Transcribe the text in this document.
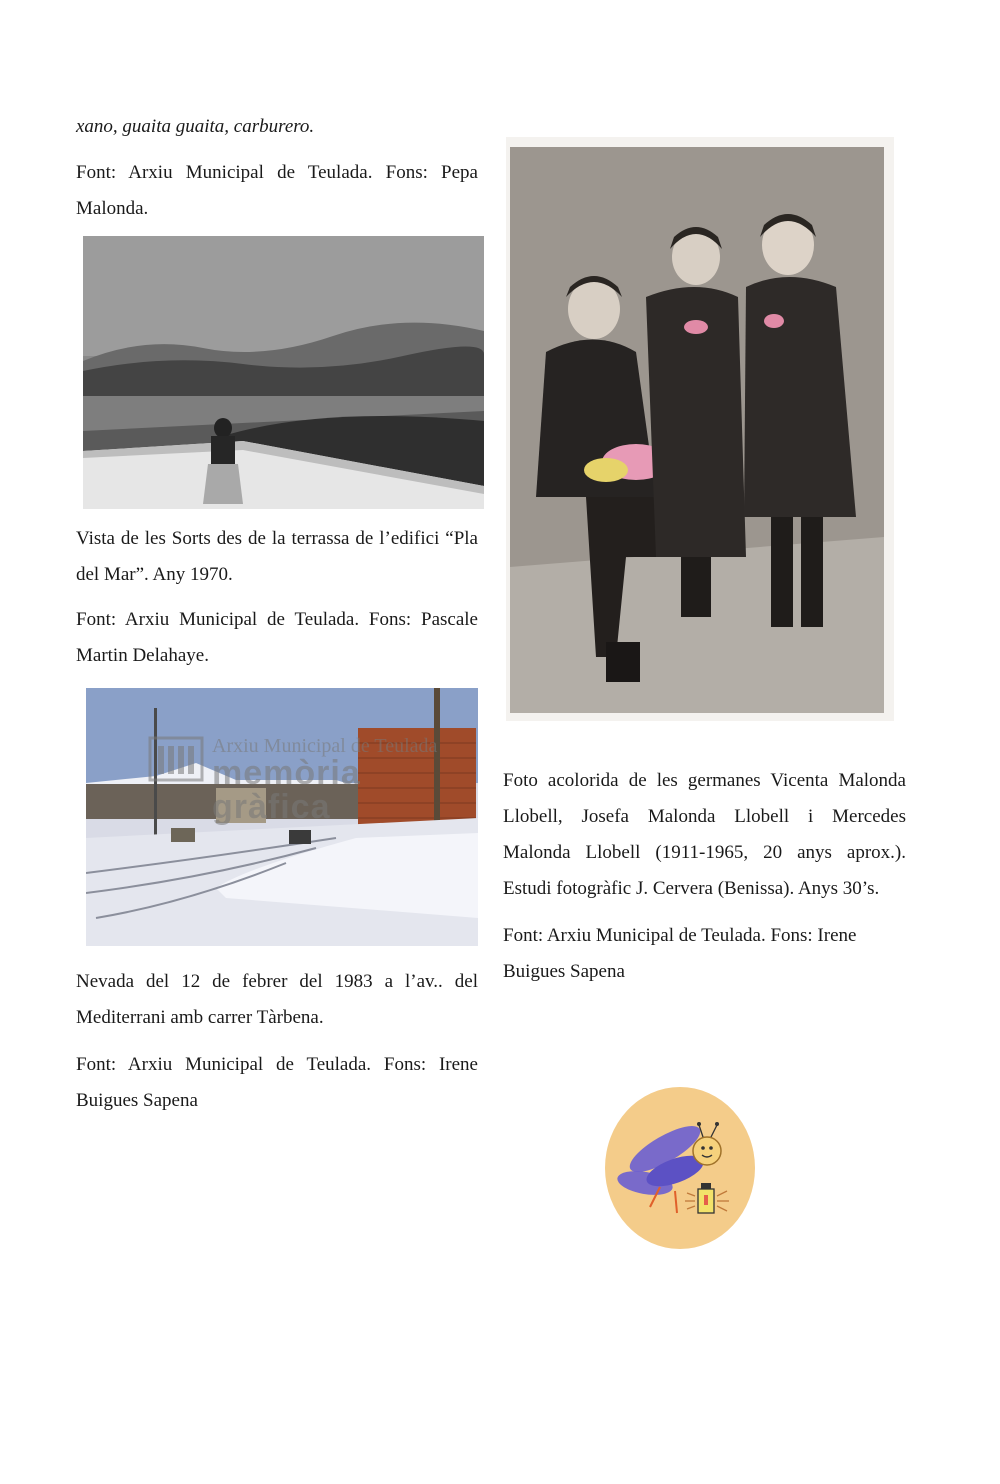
xano, guaita guaita, carburero.

Font: Arxiu Municipal de Teulada. Fons: Pepa Malonda.

Vista de les Sorts des de la terrassa de l’edifici “Pla del Mar”. Any 1970.

Font: Arxiu Municipal de Teulada. Fons: Pascale Martin Delahaye.

Arxiu Municipal de Teulada
memòria gràfica

Nevada del 12 de febrer del 1983 a l’av.. del Mediterrani amb carrer Tàrbena.

Font: Arxiu Municipal de Teulada. Fons: Irene Buigues Sapena

Foto acolorida de les germanes Vicenta Malonda Llobell, Josefa Malonda Llobell i Mercedes Malonda Llobell (1911-1965, 20 anys aprox.). Estudi fotogràfic J. Cervera (Benissa). Anys 30’s.

Font: Arxiu Municipal de Teulada. Fons: Irene Buigues Sapena
